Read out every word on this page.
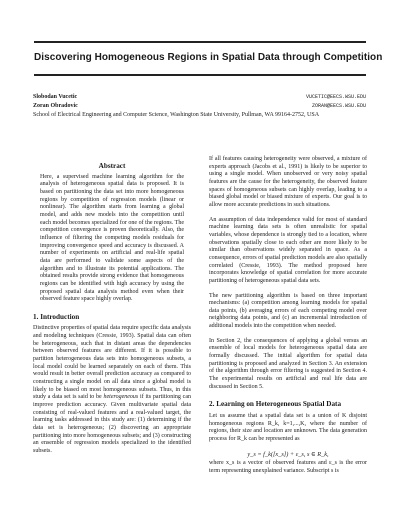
Discovering Homogeneous Regions in Spatial Data through Competition
Slobodan Vucetic	VUCETIC@EECS.WSU.EDU
Zoran Obradovic	ZORAN@EECS.WSU.EDU
School of Electrical Engineering and Computer Science, Washington State University, Pullman, WA 99164-2752, USA
Abstract

Here, a supervised machine learning algorithm for the analysis of heterogeneous spatial data is proposed. It is based on partitioning the data set into more homogeneous regions by competition of regression models (linear or nonlinear). The algorithm starts from learning a global model, and adds new models into the competition until each model becomes specialized for one of the regions. The competition convergence is proven theoretically. Also, the influence of filtering the competing models residuals for improving convergence speed and accuracy is discussed. A number of experiments on artificial and real-life spatial data are performed to validate some aspects of the algorithm and to illustrate its potential applications. The obtained results provide strong evidence that homogeneous regions can be identified with high accuracy by using the proposed spatial data analysis method even when their observed feature space highly overlap.

1. Introduction

Distinctive properties of spatial data require specific data analysis and modeling techniques (Cressie, 1993). Spatial data can often be heterogeneous, such that in distant areas the dependencies between observed features are different. If it is possible to partition heterogeneous data sets into homogeneous subsets, a local model could be learned separately on each of them. This would result in better overall prediction accuracy as compared to constructing a single model on all data since a global model is likely to be biased on most homogeneous subsets. Thus, in this study a data set is said to be heterogeneous if its partitioning can improve prediction accuracy. Given multivariate spatial data consisting of real-valued features and a real-valued target, the learning tasks addressed in this study are: (1) determining if the data set is heterogeneous; (2) discovering an appropriate partitioning into more homogeneous subsets; and (3) constructing an ensemble of regression models specialized to the identified subsets.

If all features causing heterogeneity were observed, a mixture of experts approach (Jacobs et al., 1991) is likely to be superior to using a single model. When unobserved or very noisy spatial features are the cause for the heterogeneity, the observed feature spaces of homogeneous subsets can highly overlap, leading to a biased global model or biased mixture of experts. Our goal is to allow more accurate predictions in such situations.

An assumption of data independence valid for most of standard machine learning data sets is often unrealistic for spatial variables, whose dependence is strongly tied to a location, where observations spatially close to each other are more likely to be similar than observations widely separated in space. As a consequence, errors of spatial prediction models are also spatially correlated (Cressie, 1993). The method proposed here incorporates knowledge of spatial correlation for more accurate partitioning of heterogeneous spatial data sets.

The new partitioning algorithm is based on three important mechanisms: (a) competition among learning models for spatial data points, (b) averaging errors of each competing model over neighboring data points, and (c) an incremental introduction of additional models into the competition when needed.

In Section 2, the consequences of applying a global versus an ensemble of local models for heterogeneous spatial data are formally discussed. The initial algorithm for spatial data partitioning is proposed and analyzed in Section 3. An extension of the algorithm through error filtering is suggested in Section 4. The experimental results on artificial and real life data are discussed in Section 5.

2. Learning on Heterogeneous Spatial Data

Let us assume that a spatial data set is a union of K disjoint homogeneous regions R_k, k=1,...,K, where the number of regions, their size and location are unknown. The data generation process for R_k can be represented as

y_s = f_k([x_s]) + ε_s, s ∈ R_k,

where x_s is a vector of observed features and ε_s is the error term representing unexplained variance. Subscript s is
